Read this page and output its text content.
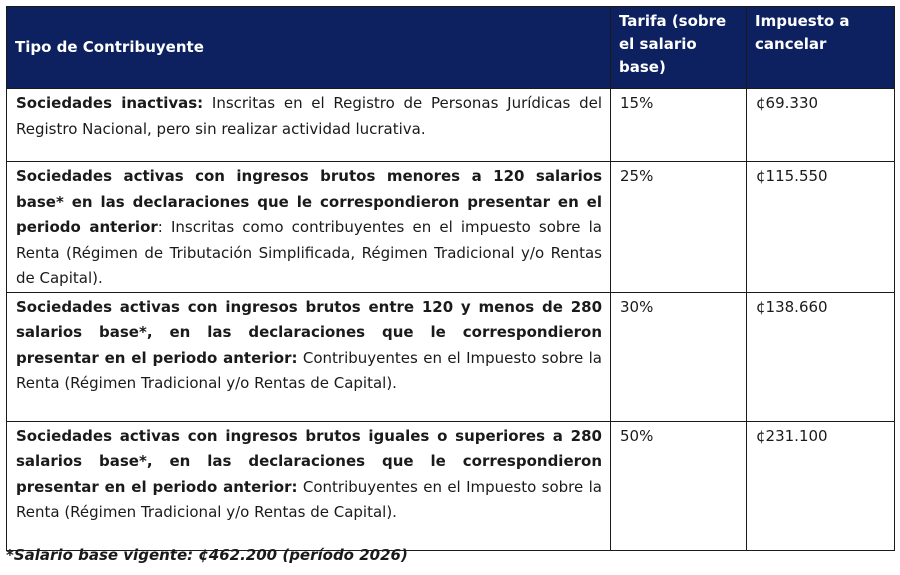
Tipo de Contribuyente	Tarifa (sobre el salario base)	Impuesto a cancelar
Sociedades inactivas: Inscritas en el Registro de Personas Jurídicas del Registro Nacional, pero sin realizar actividad lucrativa.	15%	¢69.330
Sociedades activas con ingresos brutos menores a 120 salarios base* en las declaraciones que le correspondieron presentar en el periodo anterior: Inscritas como contribuyentes en el impuesto sobre la Renta (Régimen de Tributación Simplificada, Régimen Tradicional y/o Rentas de Capital).	25%	¢115.550
Sociedades activas con ingresos brutos entre 120 y menos de 280 salarios base*, en las declaraciones que le correspondieron presentar en el periodo anterior: Contribuyentes en el Impuesto sobre la Renta (Régimen Tradicional y/o Rentas de Capital).	30%	¢138.660
Sociedades activas con ingresos brutos iguales o superiores a 280 salarios base*, en las declaraciones que le correspondieron presentar en el periodo anterior: Contribuyentes en el Impuesto sobre la Renta (Régimen Tradicional y/o Rentas de Capital).	50%	¢231.100
*Salario base vigente: ¢462.200 (período 2026)
